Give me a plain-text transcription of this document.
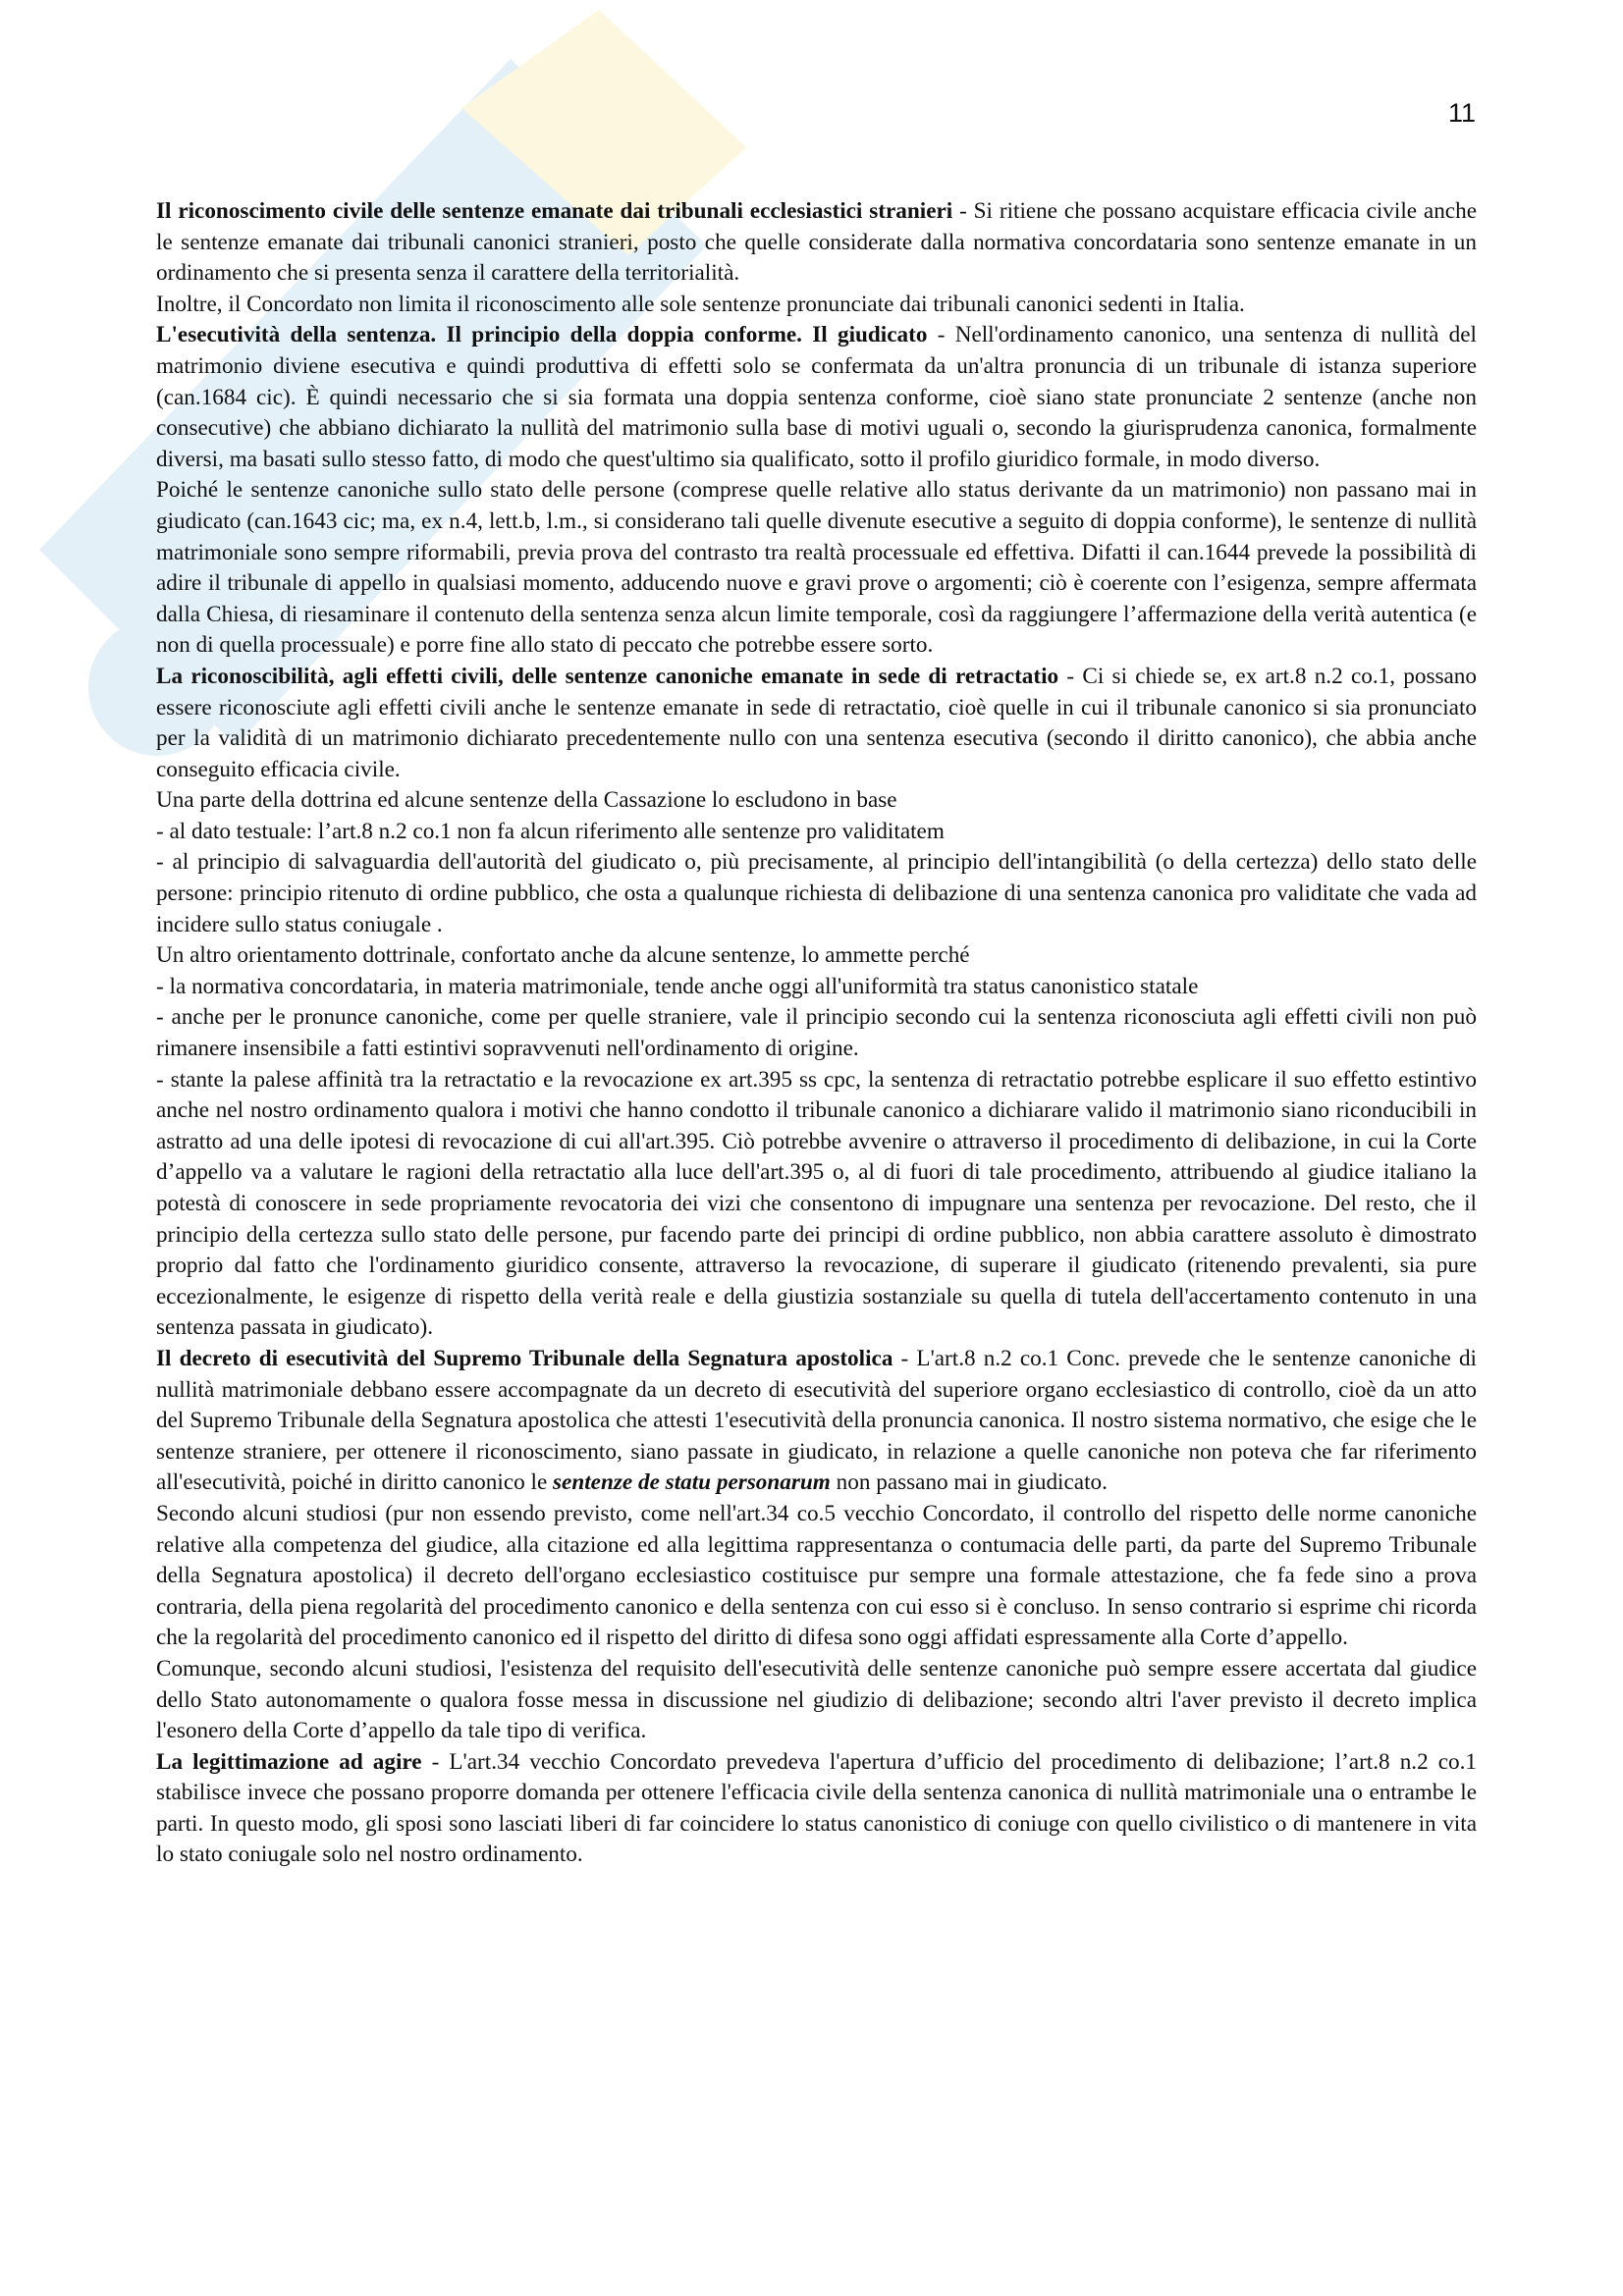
11

Il riconoscimento civile delle sentenze emanate dai tribunali ecclesiastici stranieri - Si ritiene che possano acquistare efficacia civile anche le sentenze emanate dai tribunali canonici stranieri, posto che quelle considerate dalla normativa concordataria sono sentenze emanate in un ordinamento che si presenta senza il carattere della territorialità.

Inoltre, il Concordato non limita il riconoscimento alle sole sentenze pronunciate dai tribunali canonici sedenti in Italia.

L'esecutività della sentenza. Il principio della doppia conforme. Il giudicato - Nell'ordinamento canonico, una sentenza di nullità del matrimonio diviene esecutiva e quindi produttiva di effetti solo se confermata da un'altra pronuncia di un tribunale di istanza superiore (can.1684 cic). È quindi necessario che si sia formata una doppia sentenza conforme, cioè siano state pronunciate 2 sentenze (anche non consecutive) che abbiano dichiarato la nullità del matrimonio sulla base di motivi uguali o, secondo la giurisprudenza canonica, formalmente diversi, ma basati sullo stesso fatto, di modo che quest'ultimo sia qualificato, sotto il profilo giuridico formale, in modo diverso.

Poiché le sentenze canoniche sullo stato delle persone (comprese quelle relative allo status derivante da un matrimonio) non passano mai in giudicato (can.1643 cic; ma, ex n.4, lett.b, l.m., si considerano tali quelle divenute esecutive a seguito di doppia conforme), le sentenze di nullità matrimoniale sono sempre riformabili, previa prova del contrasto tra realtà processuale ed effettiva. Difatti il can.1644 prevede la possibilità di adire il tribunale di appello in qualsiasi momento, adducendo nuove e gravi prove o argomenti; ciò è coerente con l’esigenza, sempre affermata dalla Chiesa, di riesaminare il contenuto della sentenza senza alcun limite temporale, così da raggiungere l’affermazione della verità autentica (e non di quella processuale) e porre fine allo stato di peccato che potrebbe essere sorto.

La riconoscibilità, agli effetti civili, delle sentenze canoniche emanate in sede di retractatio - Ci si chiede se, ex art.8 n.2 co.1, possano essere riconosciute agli effetti civili anche le sentenze emanate in sede di retractatio, cioè quelle in cui il tribunale canonico si sia pronunciato per la validità di un matrimonio dichiarato precedentemente nullo con una sentenza esecutiva (secondo il diritto canonico), che abbia anche conseguito efficacia civile.

Una parte della dottrina ed alcune sentenze della Cassazione lo escludono in base

- al dato testuale: l’art.8 n.2 co.1 non fa alcun riferimento alle sentenze pro validitatem

- al principio di salvaguardia dell'autorità del giudicato o, più precisamente, al principio dell'intangibilità (o della certezza) dello stato delle persone: principio ritenuto di ordine pubblico, che osta a qualunque richiesta di delibazione di una sentenza canonica pro validitate che vada ad incidere sullo status coniugale .

Un altro orientamento dottrinale, confortato anche da alcune sentenze, lo ammette perché

- la normativa concordataria, in materia matrimoniale, tende anche oggi all'uniformità tra status canonistico statale

- anche per le pronunce canoniche, come per quelle straniere, vale il principio secondo cui la sentenza riconosciuta agli effetti civili non può rimanere insensibile a fatti estintivi sopravvenuti nell'ordinamento di origine.

- stante la palese affinità tra la retractatio e la revocazione ex art.395 ss cpc, la sentenza di retractatio potrebbe esplicare il suo effetto estintivo anche nel nostro ordinamento qualora i motivi che hanno condotto il tribunale canonico a dichiarare valido il matrimonio siano riconducibili in astratto ad una delle ipotesi di revocazione di cui all'art.395. Ciò potrebbe avvenire o attraverso il procedimento di delibazione, in cui la Corte d’appello va a valutare le ragioni della retractatio alla luce dell'art.395 o, al di fuori di tale procedimento, attribuendo al giudice italiano la potestà di conoscere in sede propriamente revocatoria dei vizi che consentono di impugnare una sentenza per revocazione. Del resto, che il principio della certezza sullo stato delle persone, pur facendo parte dei principi di ordine pubblico, non abbia carattere assoluto è dimostrato proprio dal fatto che l'ordinamento giuridico consente, attraverso la revocazione, di superare il giudicato (ritenendo prevalenti, sia pure eccezionalmente, le esigenze di rispetto della verità reale e della giustizia sostanziale su quella di tutela dell'accertamento contenuto in una sentenza passata in giudicato).

Il decreto di esecutività del Supremo Tribunale della Segnatura apostolica - L'art.8 n.2 co.1 Conc. prevede che le sentenze canoniche di nullità matrimoniale debbano essere accompagnate da un decreto di esecutività del superiore organo ecclesiastico di controllo, cioè da un atto del Supremo Tribunale della Segnatura apostolica che attesti 1'esecutività della pronuncia canonica. Il nostro sistema normativo, che esige che le sentenze straniere, per ottenere il riconoscimento, siano passate in giudicato, in relazione a quelle canoniche non poteva che far riferimento all'esecutività, poiché in diritto canonico le sentenze de statu personarum non passano mai in giudicato.

Secondo alcuni studiosi (pur non essendo previsto, come nell'art.34 co.5 vecchio Concordato, il controllo del rispetto delle norme canoniche relative alla competenza del giudice, alla citazione ed alla legittima rappresentanza o contumacia delle parti, da parte del Supremo Tribunale della Segnatura apostolica) il decreto dell'organo ecclesiastico costituisce pur sempre una formale attestazione, che fa fede sino a prova contraria, della piena regolarità del procedimento canonico e della sentenza con cui esso si è concluso. In senso contrario si esprime chi ricorda che la regolarità del procedimento canonico ed il rispetto del diritto di difesa sono oggi affidati espressamente alla Corte d’appello.

Comunque, secondo alcuni studiosi, l'esistenza del requisito dell'esecutività delle sentenze canoniche può sempre essere accertata dal giudice dello Stato autonomamente o qualora fosse messa in discussione nel giudizio di delibazione; secondo altri l'aver previsto il decreto implica l'esonero della Corte d’appello da tale tipo di verifica.

La legittimazione ad agire - L'art.34 vecchio Concordato prevedeva l'apertura d’ufficio del procedimento di delibazione; l’art.8 n.2 co.1 stabilisce invece che possano proporre domanda per ottenere l'efficacia civile della sentenza canonica di nullità matrimoniale una o entrambe le parti. In questo modo, gli sposi sono lasciati liberi di far coincidere lo status canonistico di coniuge con quello civilistico o di mantenere in vita lo stato coniugale solo nel nostro ordinamento.
